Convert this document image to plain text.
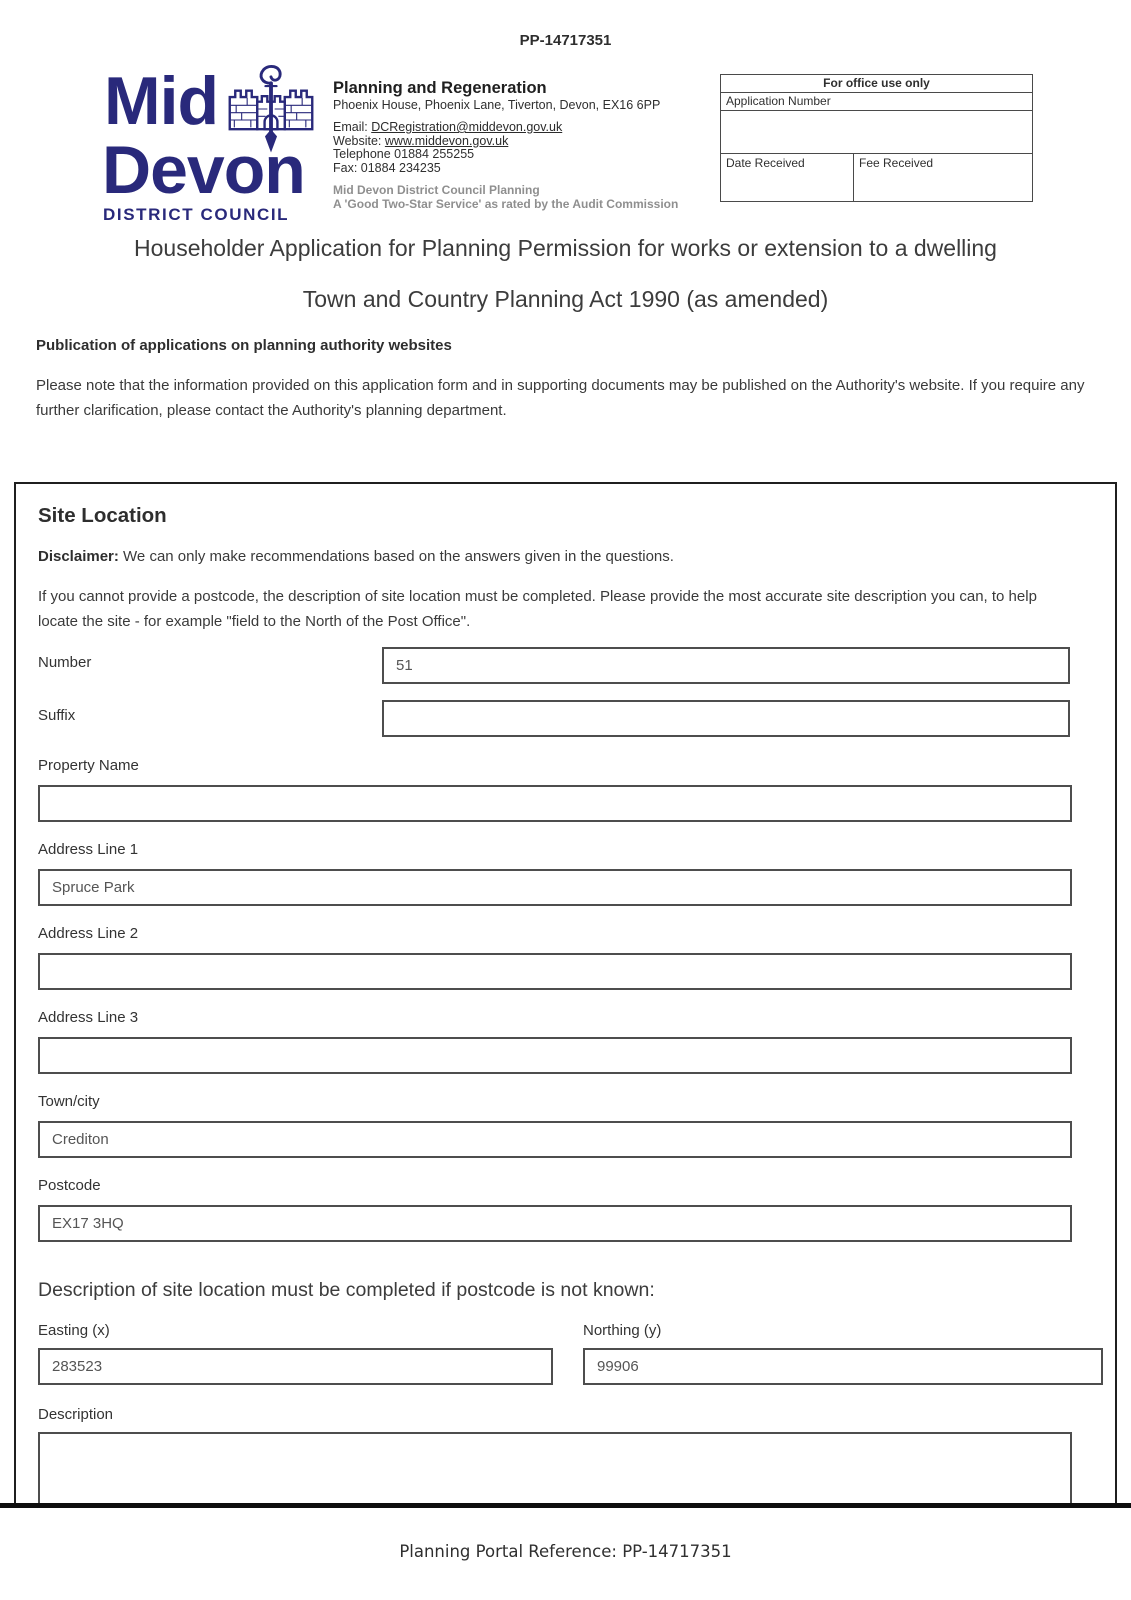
PP-14717351
Mid
Devon
DISTRICT COUNCIL
Planning and Regeneration
Phoenix House, Phoenix Lane, Tiverton, Devon, EX16 6PP
Email: DCRegistration@middevon.gov.uk
Website: www.middevon.gov.uk
Telephone 01884 255255
Fax: 01884 234235
Mid Devon District Council Planning
A 'Good Two-Star Service' as rated by the Audit Commission
For office use only
Application Number
Date Received	Fee Received
Householder Application for Planning Permission for works or extension to a dwelling
Town and Country Planning Act 1990 (as amended)
Publication of applications on planning authority websites
Please note that the information provided on this application form and in supporting documents may be published on the Authority's website. If you require any further clarification, please contact the Authority's planning department.
Site Location
Disclaimer: We can only make recommendations based on the answers given in the questions.
If you cannot provide a postcode, the description of site location must be completed. Please provide the most accurate site description you can, to help locate the site - for example "field to the North of the Post Office".
Number
51
Suffix
Property Name
Address Line 1
Spruce Park
Address Line 2
Address Line 3
Town/city
Crediton
Postcode
EX17 3HQ
Description of site location must be completed if postcode is not known:
Easting (x)
283523	Northing (y)
99906
Description
Planning Portal Reference: PP-14717351
